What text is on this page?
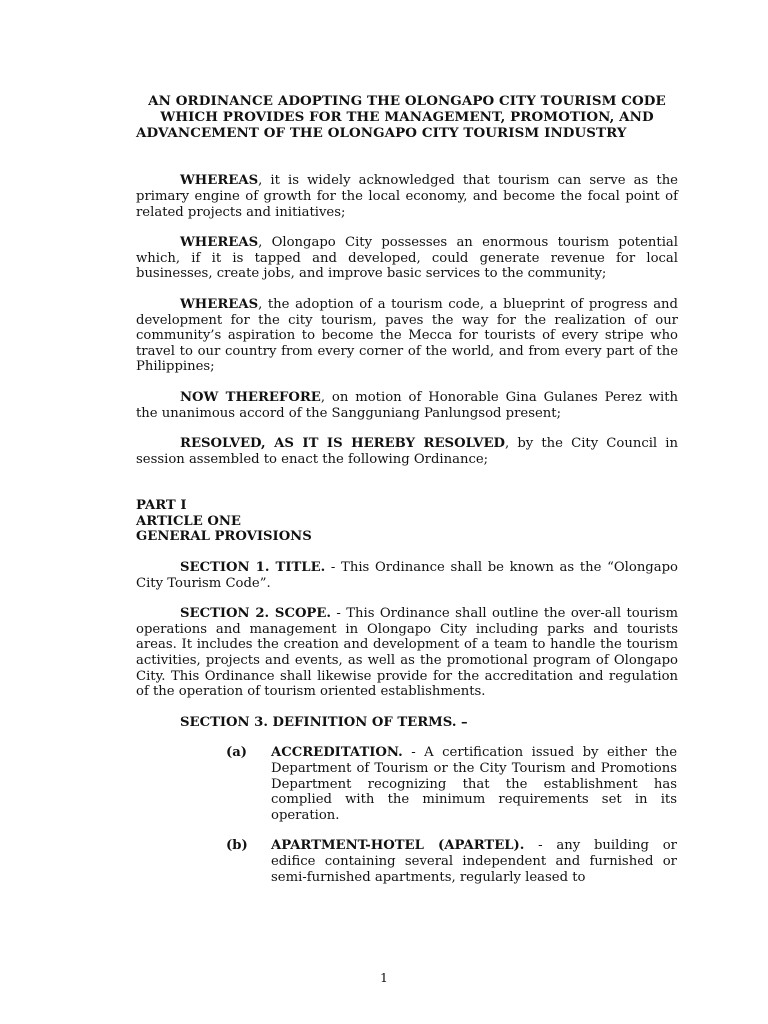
AN ORDINANCE ADOPTING THE OLONGAPO CITY TOURISM CODE WHICH PROVIDES FOR THE MANAGEMENT, PROMOTION, AND ADVANCEMENT OF THE OLONGAPO CITY TOURISM INDUSTRY

WHEREAS, it is widely acknowledged that tourism can serve as the primary engine of growth for the local economy, and become the focal point of related projects and initiatives;

WHEREAS, Olongapo City possesses an enormous tourism potential which, if it is tapped and developed, could generate revenue for local businesses, create jobs, and improve basic services to the community;

WHEREAS, the adoption of a tourism code, a blueprint of progress and development for the city tourism, paves the way for the realization of our community’s aspiration to become the Mecca for tourists of every stripe who travel to our country from every corner of the world, and from every part of the Philippines;

NOW THEREFORE, on motion of Honorable Gina Gulanes Perez with the unanimous accord of the Sangguniang Panlungsod present;

RESOLVED, AS IT IS HEREBY RESOLVED, by the City Council in session assembled to enact the following Ordinance;

PART I

ARTICLE ONE

GENERAL PROVISIONS

SECTION 1. TITLE. - This Ordinance shall be known as the “Olongapo City Tourism Code”.

SECTION 2. SCOPE. - This Ordinance shall outline the over-all tourism operations and management in Olongapo City including parks and tourists areas. It includes the creation and development of a team to handle the tourism activities, projects and events, as well as the promotional program of Olongapo City. This Ordinance shall likewise provide for the accreditation and regulation of the operation of tourism oriented establishments.

SECTION 3. DEFINITION OF TERMS. –

(a)	ACCREDITATION. - A certification issued by either the Department of Tourism or the City Tourism and Promotions Department recognizing that the establishment has complied with the minimum requirements set in its operation.

(b)	APARTMENT-HOTEL (APARTEL). - any building or edifice containing several independent and furnished or semi-furnished apartments, regularly leased to

1
